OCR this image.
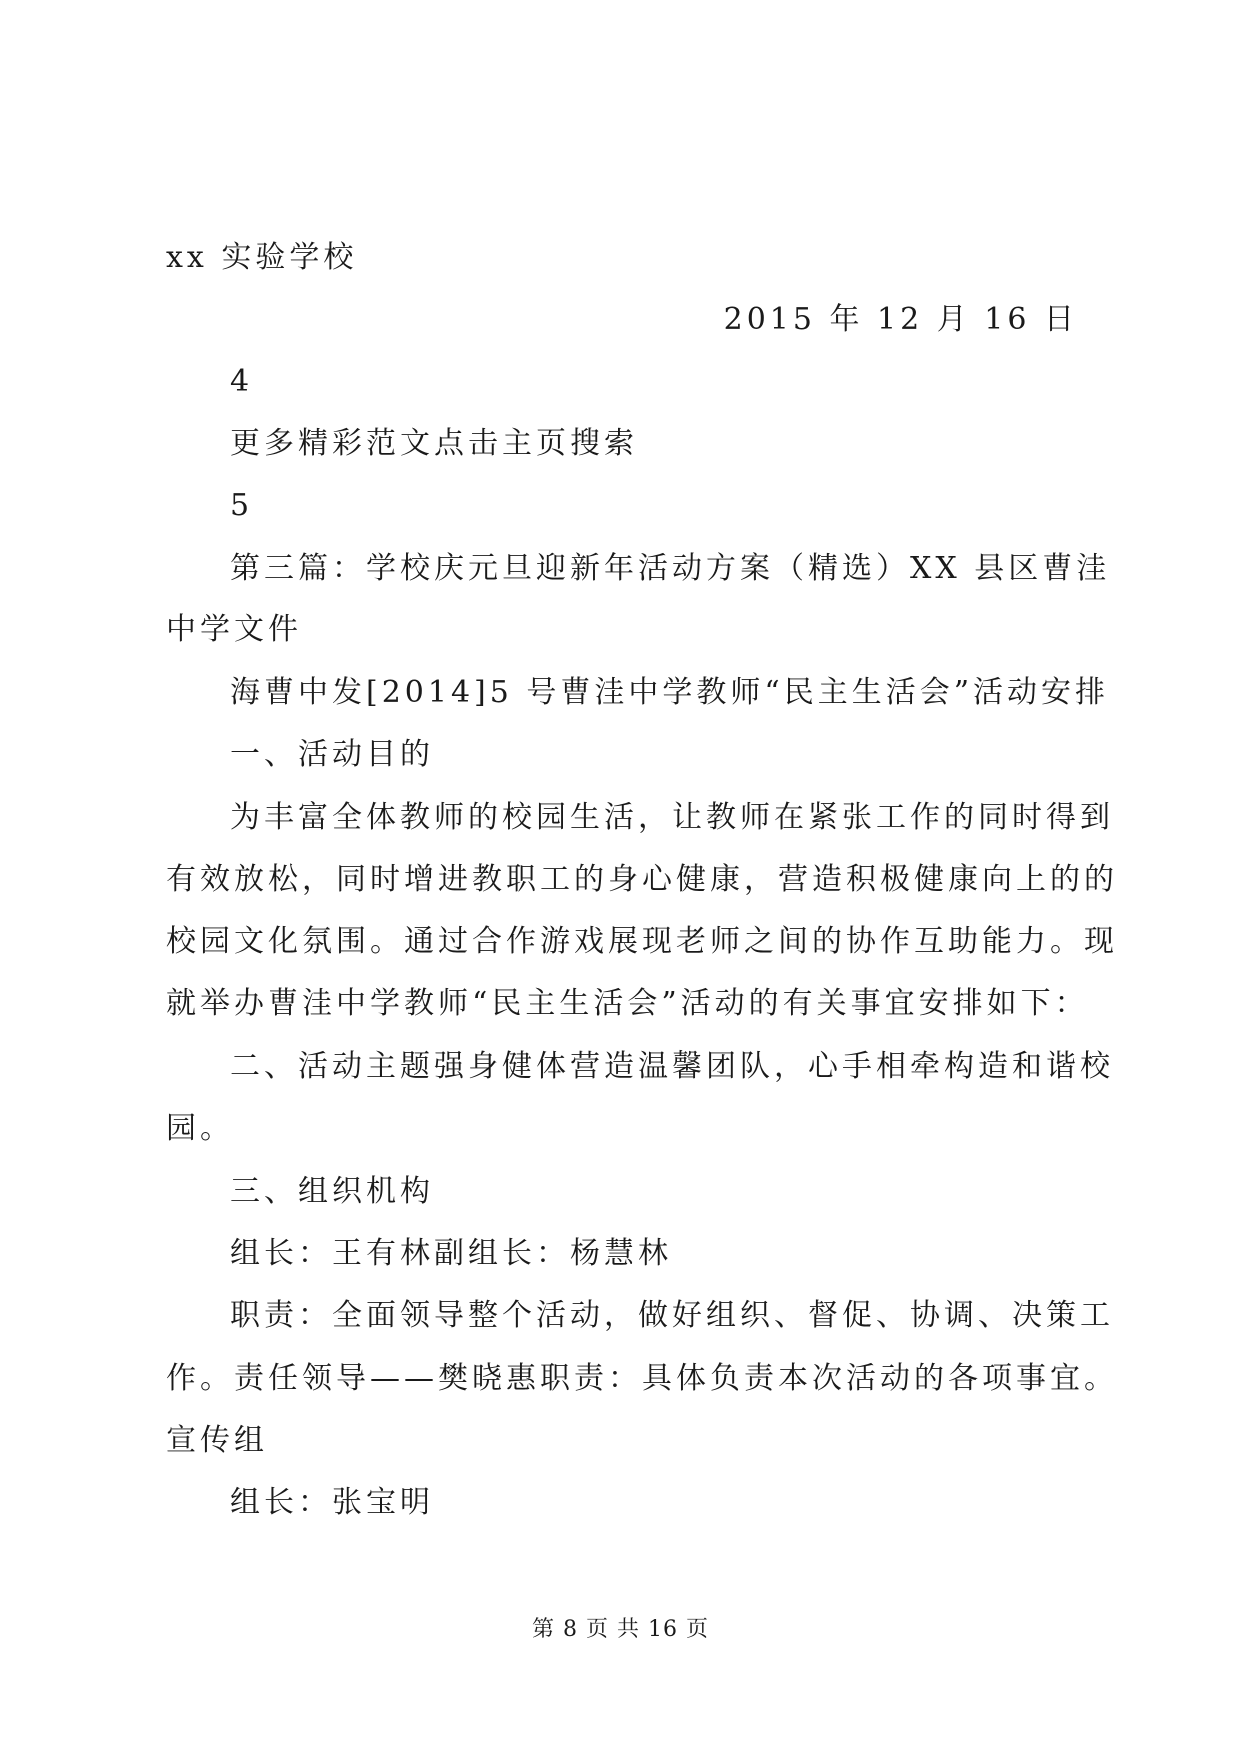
xx 实验学校
2015 年 12 月 16 日
4
更多精彩范文点击主页搜索
5
第三篇：学校庆元旦迎新年活动方案（精选）XX 县区曹洼
中学文件
海曹中发[2014]5 号曹洼中学教师“民主生活会”活动安排
一、活动目的
为丰富全体教师的校园生活，让教师在紧张工作的同时得到
有效放松，同时增进教职工的身心健康，营造积极健康向上的的
校园文化氛围。通过合作游戏展现老师之间的协作互助能力。现
就举办曹洼中学教师“民主生活会”活动的有关事宜安排如下：
二、活动主题强身健体营造温馨团队，心手相牵构造和谐校
园。
三、组织机构
组长：王有林副组长：杨慧林
职责：全面领导整个活动，做好组织、督促、协调、决策工
作。责任领导——樊晓惠职责：具体负责本次活动的各项事宜。
宣传组
组长：张宝明
第 8 页 共 16 页
